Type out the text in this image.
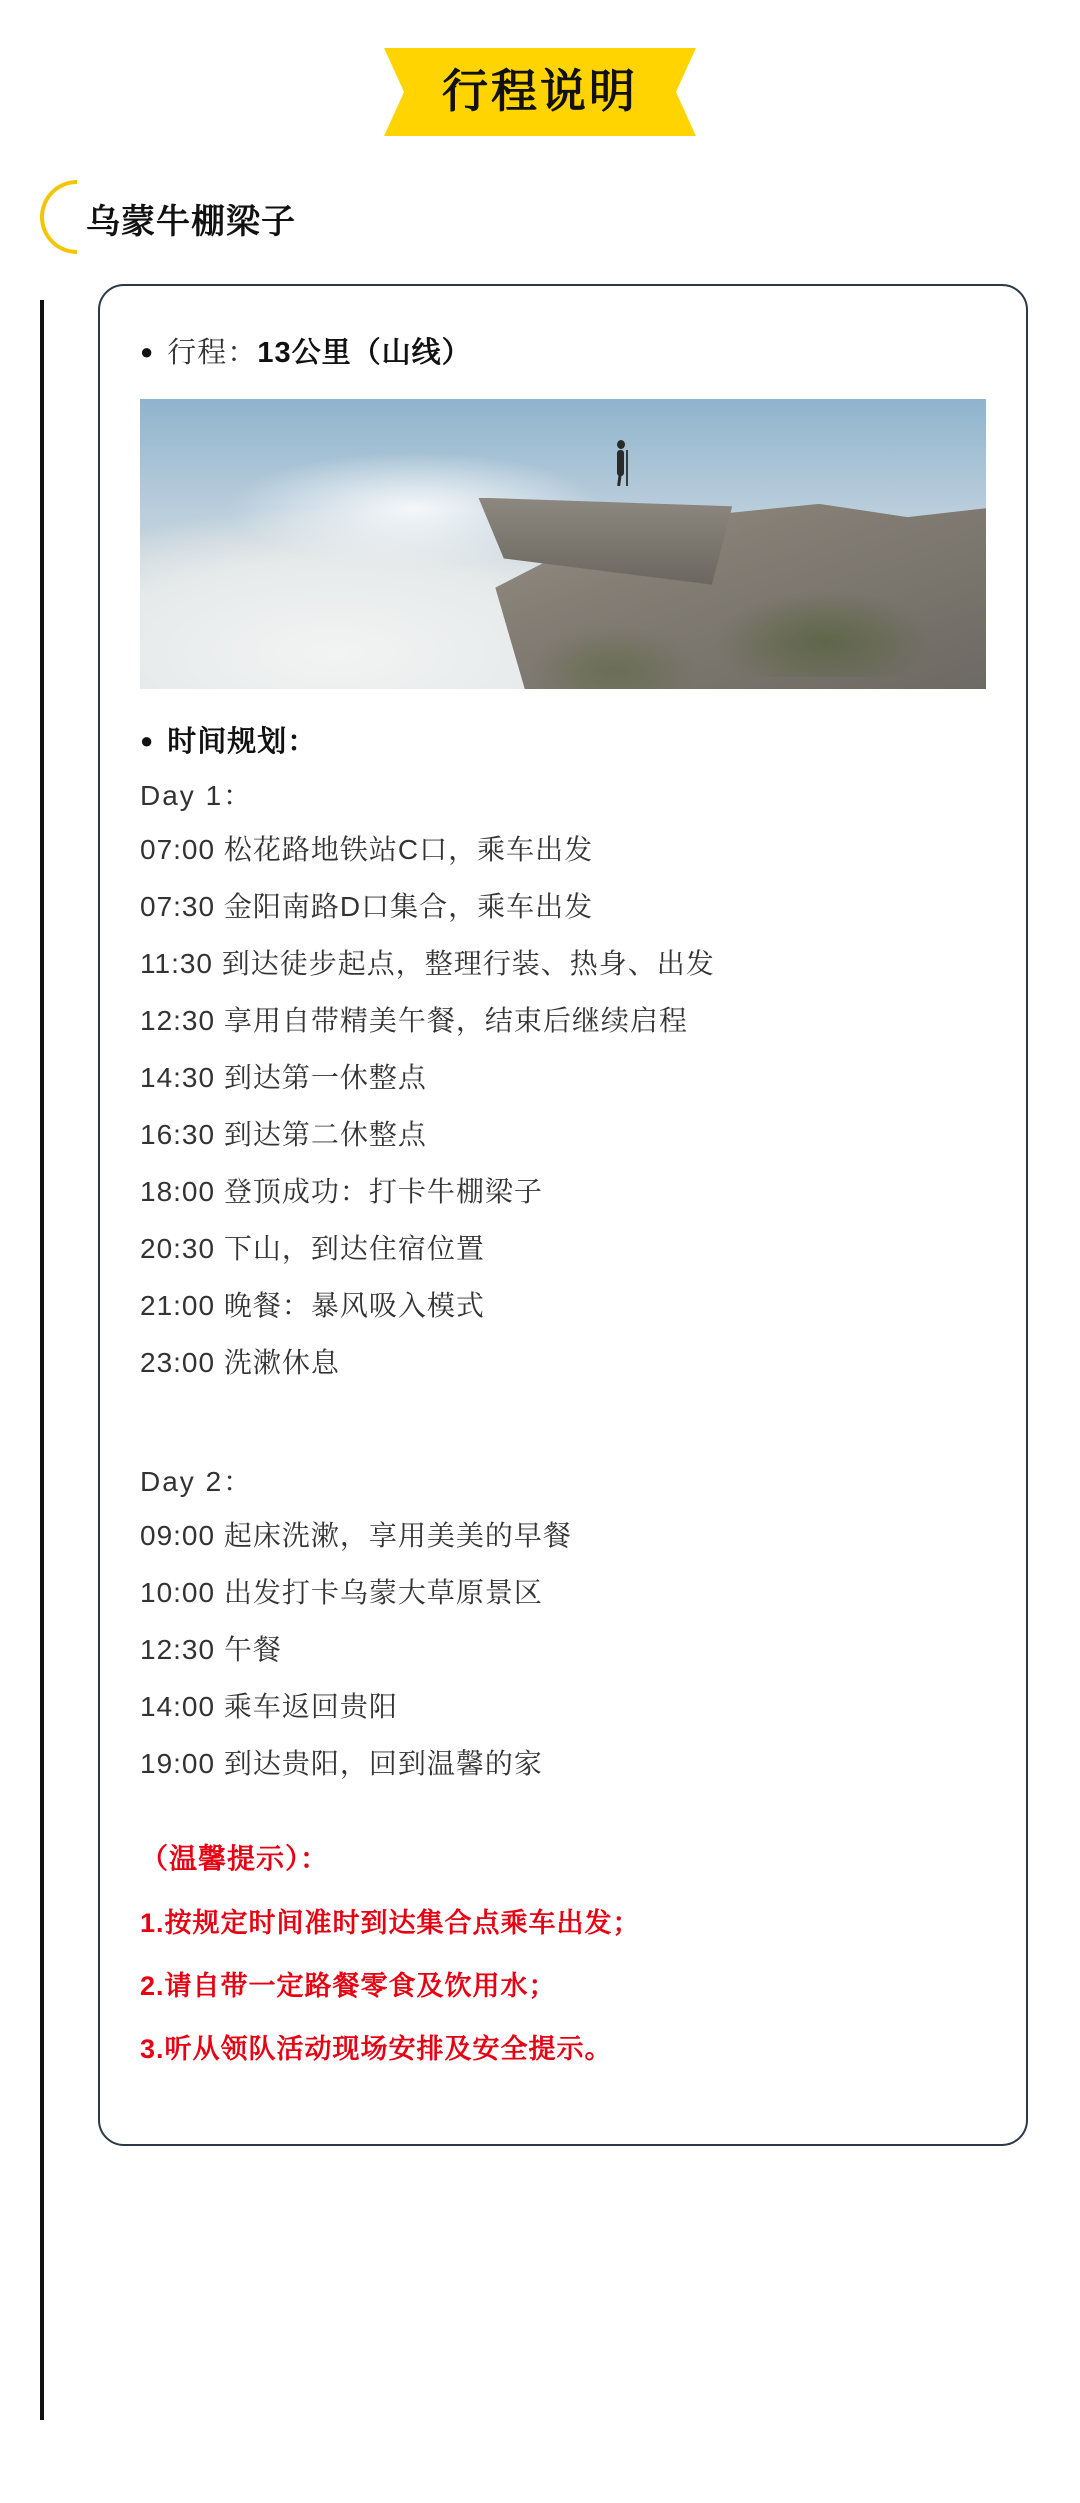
行程说明
乌蒙牛棚梁子
● 行程： 13公里（山线）
● 时间规划：
Day 1：
07:00 松花路地铁站C口，乘车出发
07:30 金阳南路D口集合，乘车出发
11:30 到达徒步起点，整理行装、热身、出发
12:30 享用自带精美午餐，结束后继续启程
14:30 到达第一休整点
16:30 到达第二休整点
18:00 登顶成功：打卡牛棚梁子
20:30 下山，到达住宿位置
21:00 晚餐：暴风吸入模式
23:00 洗漱休息
Day 2：
09:00 起床洗漱，享用美美的早餐
10:00 出发打卡乌蒙大草原景区
12:30 午餐
14:00 乘车返回贵阳
19:00 到达贵阳，回到温馨的家
（温馨提示）：
1.按规定时间准时到达集合点乘车出发；
2.请自带一定路餐零食及饮用水；
3.听从领队活动现场安排及安全提示。
